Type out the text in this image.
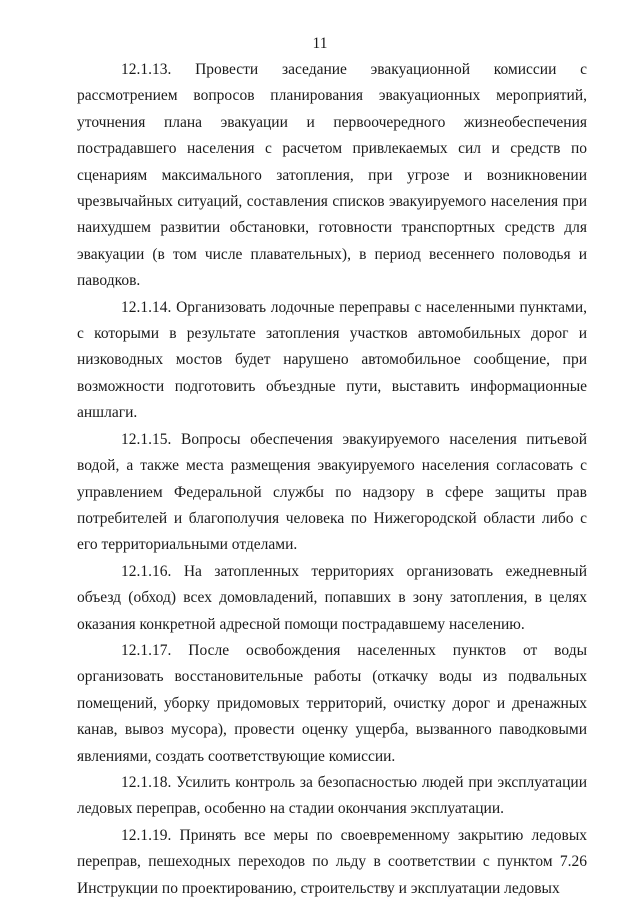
11

12.1.13. Провести заседание эвакуационной комиссии с рассмотрением вопросов планирования эвакуационных мероприятий, уточнения плана эвакуации и первоочередного жизнеобеспечения пострадавшего населения с расчетом привлекаемых сил и средств по сценариям максимального затопления, при угрозе и возникновении чрезвычайных ситуаций, составления списков эвакуируемого населения при наихудшем развитии обстановки, готовности транспортных средств для эвакуации (в том числе плавательных), в период весеннего половодья и паводков.

12.1.14. Организовать лодочные переправы с населенными пунктами, с которыми в результате затопления участков автомобильных дорог и низководных мостов будет нарушено автомобильное сообщение, при возможности подготовить объездные пути, выставить информационные аншлаги.

12.1.15. Вопросы обеспечения эвакуируемого населения питьевой водой, а также места размещения эвакуируемого населения согласовать с управлением Федеральной службы по надзору в сфере защиты прав потребителей и благополучия человека по Нижегородской области либо с его территориальными отделами.

12.1.16. На затопленных территориях организовать ежедневный объезд (обход) всех домовладений, попавших в зону затопления, в целях оказания конкретной адресной помощи пострадавшему населению.

12.1.17. После освобождения населенных пунктов от воды организовать восстановительные работы (откачку воды из подвальных помещений, уборку придомовых территорий, очистку дорог и дренажных канав, вывоз мусора), провести оценку ущерба, вызванного паводковыми явлениями, создать соответствующие комиссии.

12.1.18. Усилить контроль за безопасностью людей при эксплуатации ледовых переправ, особенно на стадии окончания эксплуатации.

12.1.19. Принять все меры по своевременному закрытию ледовых переправ, пешеходных переходов по льду в соответствии с пунктом 7.26 Инструкции по проектированию, строительству и эксплуатации ледовых
